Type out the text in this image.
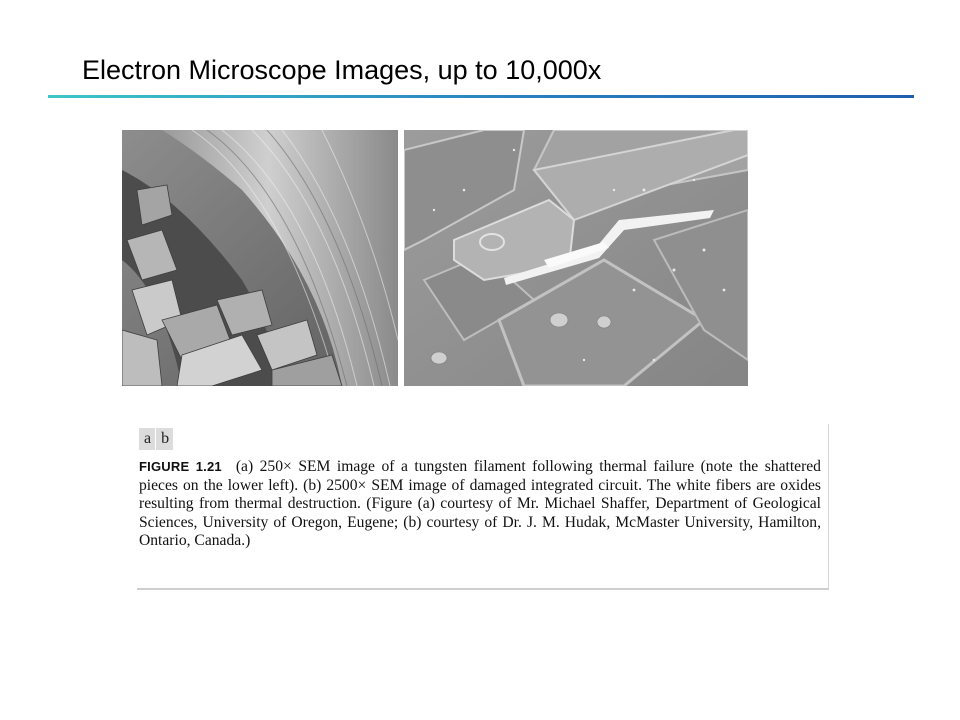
Electron Microscope Images, up to 10,000x
a b
FIGURE 1.21 (a) 250× SEM image of a tungsten filament following thermal failure (note the shattered pieces on the lower left). (b) 2500× SEM image of damaged integrated circuit. The white fibers are oxides resulting from thermal destruction. (Figure (a) courtesy of Mr. Michael Shaffer, Department of Geological Sciences, University of Oregon, Eugene; (b) courtesy of Dr. J. M. Hudak, McMaster University, Hamilton, Ontario, Canada.)
